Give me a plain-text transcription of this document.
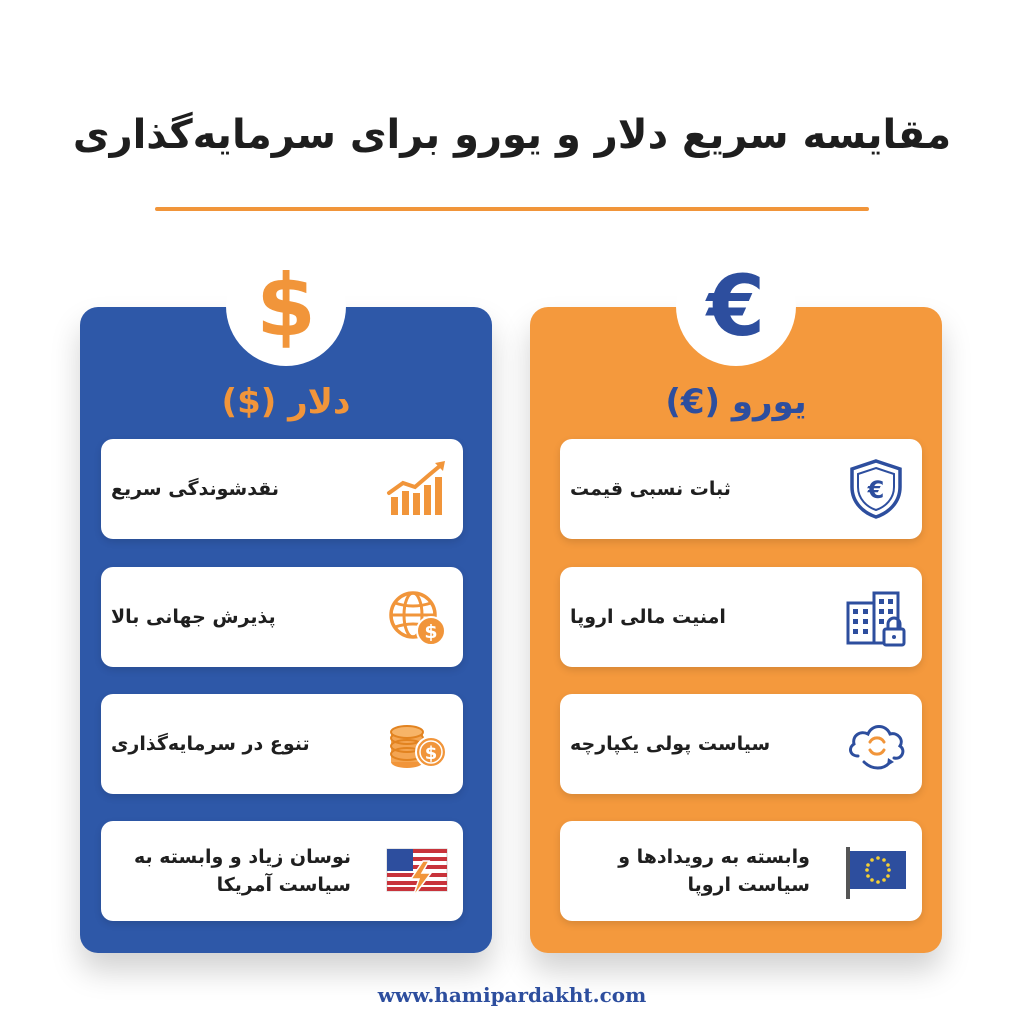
مقایسه سریع دلار و یورو برای سرمایه‌گذاری
$
دلار ($)
نقدشوندگی سریع
پذیرش جهانی بالا
$
تنوع در سرمایه‌گذاری	$
نوسان زیاد و وابسته به سیاست آمریکا
€
یورو (€)
ثبات نسبی قیمت	€
امنیت مالی اروپا
سیاست پولی یکپارچه
وابسته به رویدادها و سیاست اروپا
www.hamipardakht.com
